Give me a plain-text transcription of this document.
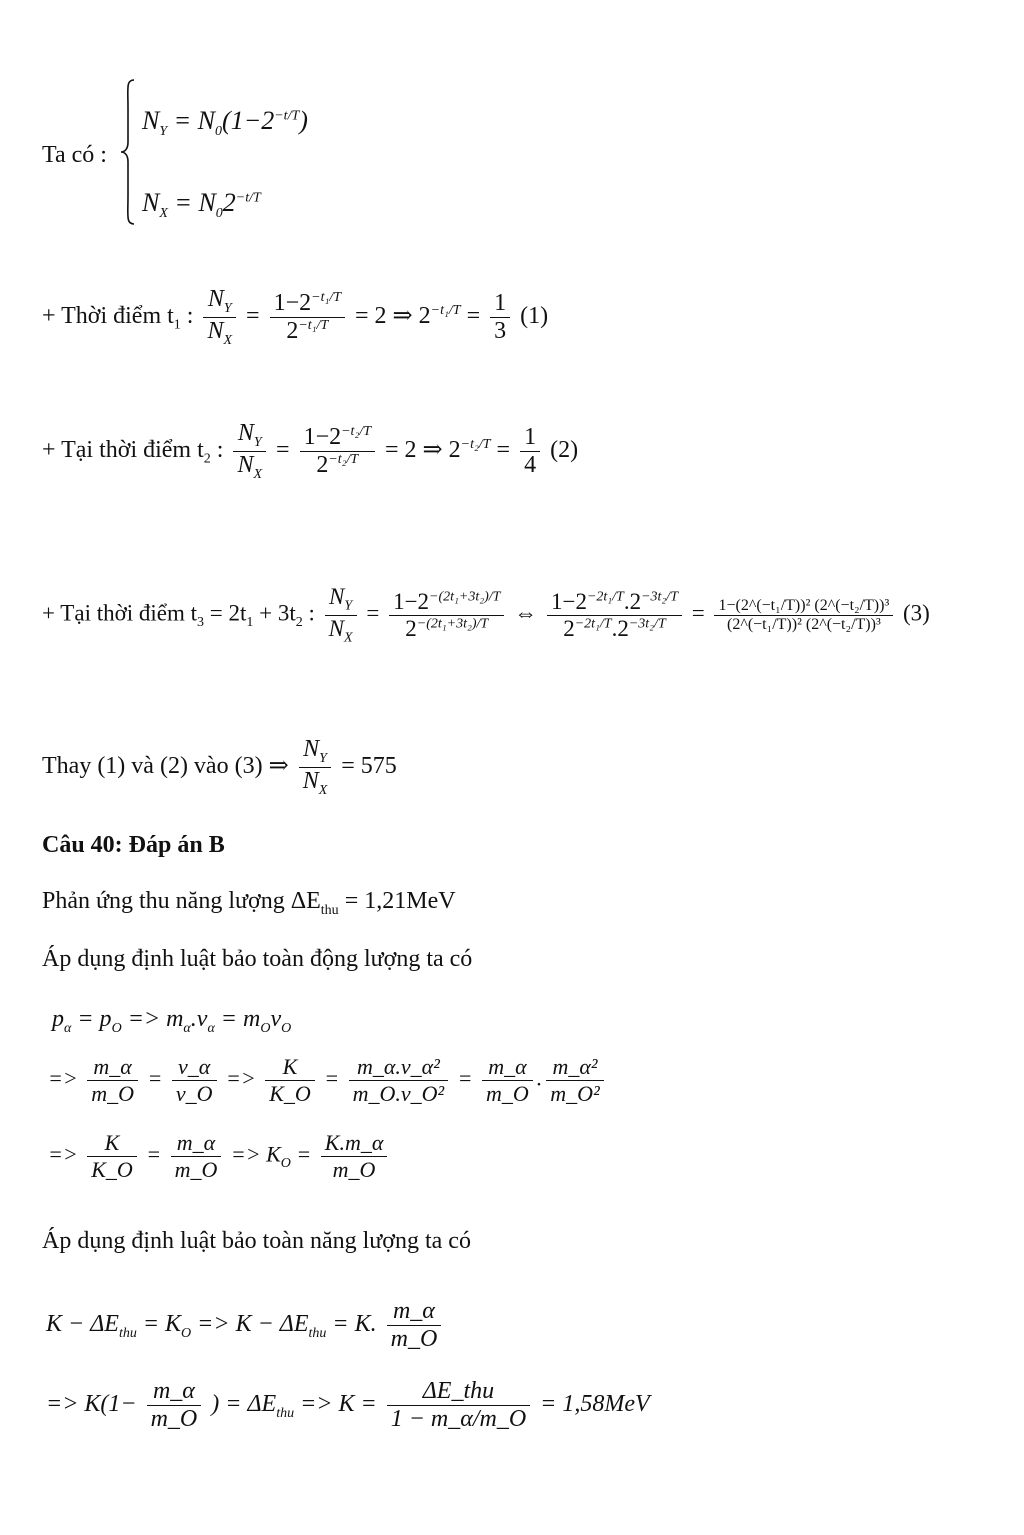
Ta có :
$N_Y = N_0(1-2^{-t/T})$
$N_X = N_02^{-t/T}$
+ Thời điểm $t_1$ : $\frac{N_Y}{N_X} = \frac{1-2^{-t_1/T}}{2^{-t_1/T}} = 2$ ⇒ $2^{-t_1/T} = \frac{1}{3} (1)$
+ Tại thời điểm $t_2$ : $\frac{N_Y}{N_X} = \frac{1-2^{-t_2/T}}{2^{-t_2/T}} = 2$ ⇒ $2^{-t_2/T} = \frac{1}{4} (2)$
+ Tại thời điểm $t_3 = 2t_1 + 3t_2$ : $\frac{N_Y}{N_X} = \frac{1-2^{-(2t_1+3t_2)/T}}{2^{-(2t_1+3t_2)/T}}$ ⇔ $\frac{1-2^{-2t_1/T}.2^{-3t_2/T}}{2^{-2t_1/T}.2^{-3t_2/T}} = \frac{\text{1−(2\textasciicircum{}(−t₁/T))² (2\textasciicircum{}(−t₂/T))³}}{\text{(2\textasciicircum{}(−t₁/T))² (2\textasciicircum{}(−t₂/T))³}} (3)$
Thay (1) và (2) vào (3) ⇒ $\frac{N_Y}{N_X} = 575$
Câu 40: Đáp án B
Phản ứng thu năng lượng $\Delta E_{thu} = 1,21MeV$
Áp dụng định luật bảo toàn động lượng ta có
$p_\alpha = p_O => m_\alpha.v_\alpha = m_Ov_O$
=> $\frac{m\_\alpha}{m\_O} = \frac{v\_\alpha}{v\_O} => \frac{K}{K\_O} = \frac{\text{m\_α.v\_α²}}{\text{m\_O.v\_O²}} = \frac{m\_\alpha}{m\_O}$ . $\frac{\text{m\_α²}}{\text{m\_O²}}$
=> $\frac{K}{K\_O} = \frac{m\_\alpha}{m\_O} => K_O = \frac{K.m\_\alpha}{m\_O}$
Áp dụng định luật bảo toàn năng lượng ta có
$K - \Delta E_{thu} = K_O => K - \Delta E_{thu} = K$. $\frac{m\_\alpha}{m\_O}$
=> $K(1- \frac{m\_\alpha}{m\_O}$ ) = $\Delta E_{thu} => K = \frac{\text{ΔE\_thu}}{1 - m\_\alpha/m\_O} = 1,58MeV$
